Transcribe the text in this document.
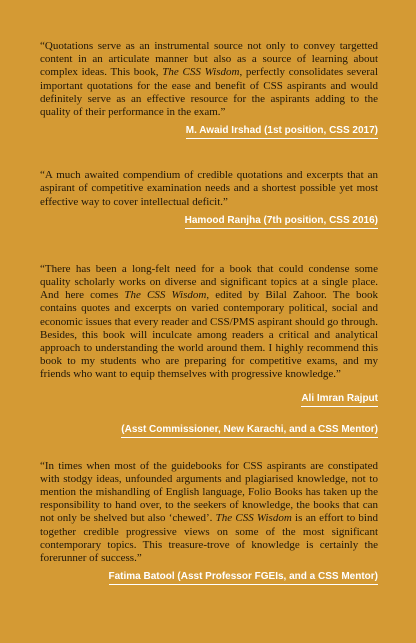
“Quotations serve as an instrumental source not only to convey targetted content in an articulate manner but also as a source of learning about complex ideas. This book, The CSS Wisdom, perfectly consolidates several important quotations for the ease and benefit of CSS aspirants and would definitely serve as an effective resource for the aspirants adding to the quality of their performance in the exam.”

M. Awaid Irshad (1st position, CSS 2017)

“A much awaited compendium of credible quotations and excerpts that an aspirant of competitive examination needs and a shortest possible yet most effective way to cover intellectual deficit.”

Hamood Ranjha (7th position, CSS 2016)

“There has been a long-felt need for a book that could condense some quality scholarly works on diverse and significant topics at a single place. And here comes The CSS Wisdom, edited by Bilal Zahoor. The book contains quotes and excerpts on varied contemporary political, social and economic issues that every reader and CSS/PMS aspirant should go through. Besides, this book will inculcate among readers a critical and analytical approach to understanding the world around them. I highly recommend this book to my students who are preparing for competitive exams, and my friends who want to equip themselves with progressive knowledge.”

Ali Imran Rajput
(Asst Commissioner, New Karachi, and a CSS Mentor)

“In times when most of the guidebooks for CSS aspirants are constipated with stodgy ideas, unfounded arguments and plagiarised knowledge, not to mention the mishandling of English language, Folio Books has taken up the responsibility to hand over, to the seekers of knowledge, the books that can not only be shelved but also ‘chewed’. The CSS Wisdom is an effort to bind together credible progressive views on some of the most significant contemporary topics. This treasure-trove of knowledge is certainly the forerunner of success.”

Fatima Batool (Asst Professor FGEIs, and a CSS Mentor)
